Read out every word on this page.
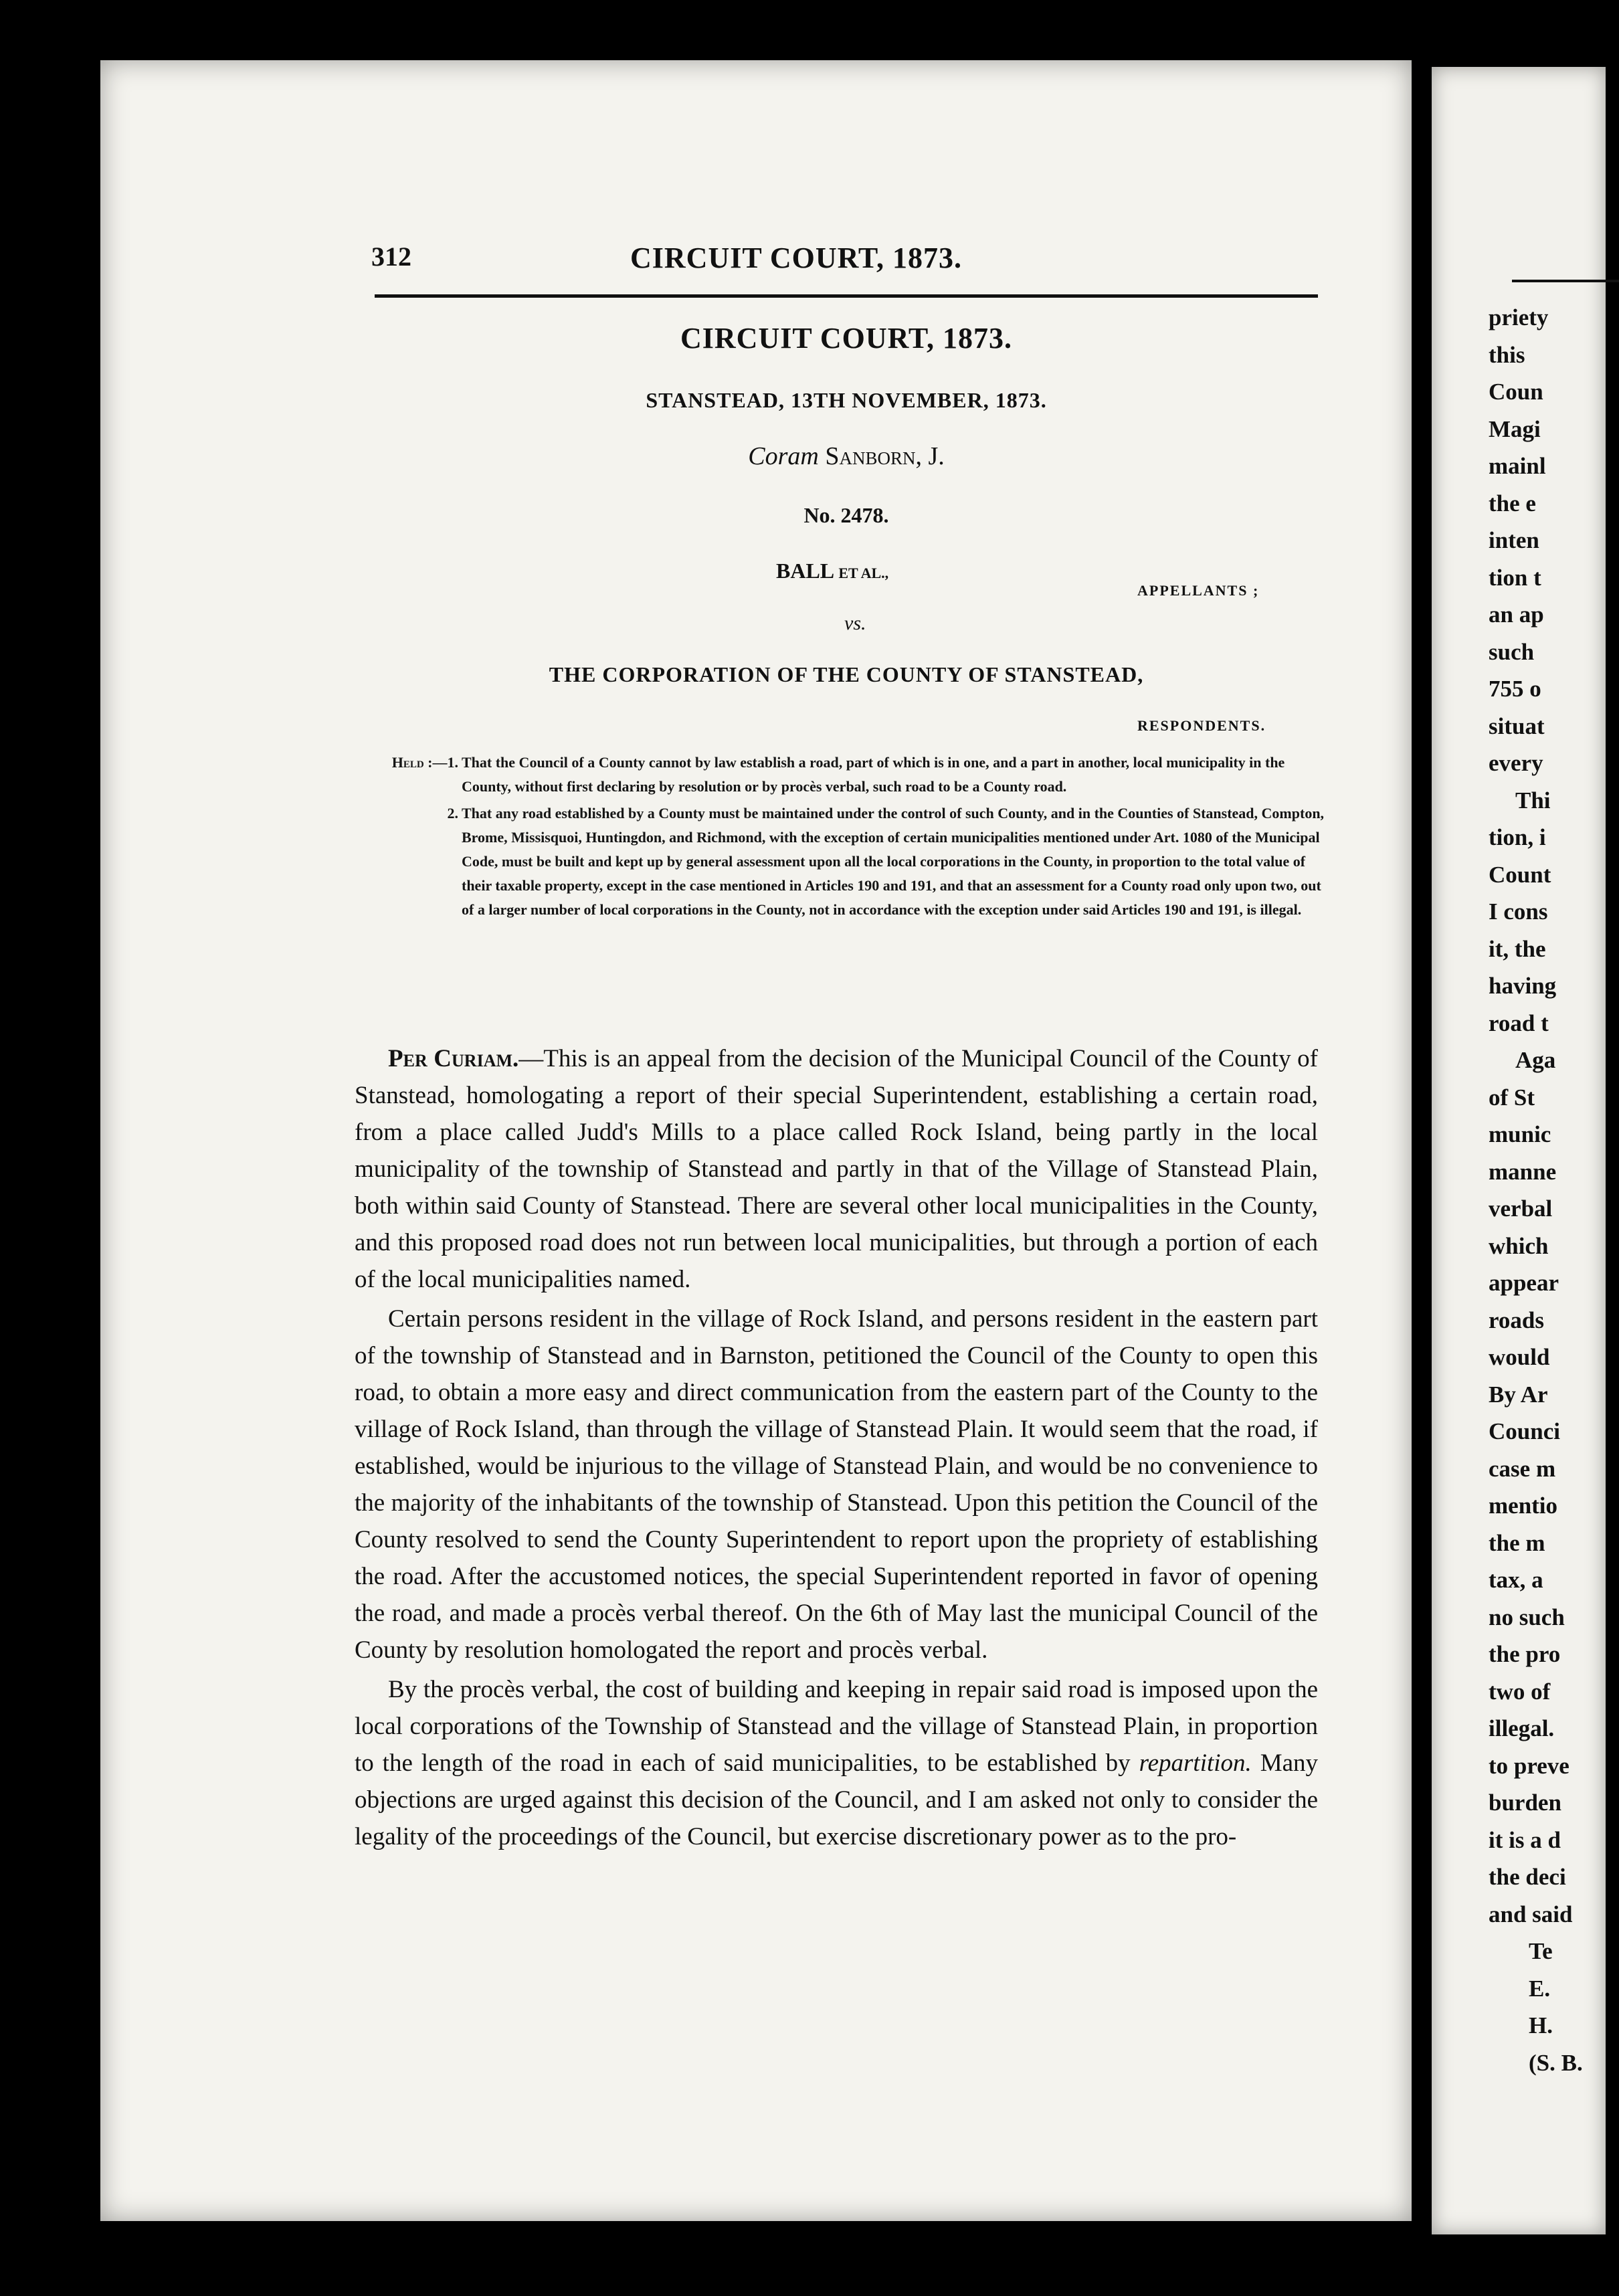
312	CIRCUIT COURT, 1873.
CIRCUIT COURT, 1873.
STANSTEAD, 13TH NOVEMBER, 1873.
Coram Sanborn, J.
No. 2478.
BALL ET AL.,
APPELLANTS ;
vs.
THE CORPORATION OF THE COUNTY OF STANSTEAD,
RESPONDENTS.

Held :—1. That the Council of a County cannot by law establish a road, part of which is in one, and a part in another, local municipality in the County, without first declaring by resolution or by procès verbal, such road to be a County road.

2. That any road established by a County must be maintained under the control of such County, and in the Counties of Stanstead, Compton, Brome, Missisquoi, Huntingdon, and Richmond, with the exception of certain municipalities mentioned under Art. 1080 of the Municipal Code, must be built and kept up by general assessment upon all the local corporations in the County, in proportion to the total value of their taxable property, except in the case mentioned in Articles 190 and 191, and that an assessment for a County road only upon two, out of a larger number of local corporations in the County, not in accordance with the exception under said Articles 190 and 191, is illegal.

Per Curiam.—This is an appeal from the decision of the Municipal Council of the County of Stanstead, homologating a report of their special Superintendent, establishing a certain road, from a place called Judd's Mills to a place called Rock Island, being partly in the local municipality of the township of Stanstead and partly in that of the Village of Stanstead Plain, both within said County of Stanstead. There are several other local municipalities in the County, and this proposed road does not run between local municipalities, but through a portion of each of the local municipalities named.

Certain persons resident in the village of Rock Island, and persons resident in the eastern part of the township of Stanstead and in Barnston, petitioned the Council of the County to open this road, to obtain a more easy and direct communication from the eastern part of the County to the village of Rock Island, than through the village of Stanstead Plain. It would seem that the road, if established, would be injurious to the village of Stanstead Plain, and would be no convenience to the majority of the inhabitants of the township of Stanstead. Upon this petition the Council of the County resolved to send the County Superintendent to report upon the propriety of establishing the road. After the accustomed notices, the special Superintendent reported in favor of opening the road, and made a procès verbal thereof. On the 6th of May last the municipal Council of the County by resolution homologated the report and procès verbal.

By the procès verbal, the cost of building and keeping in repair said road is imposed upon the local corporations of the Township of Stanstead and the village of Stanstead Plain, in proportion to the length of the road in each of said municipalities, to be established by repartition. Many objections are urged against this decision of the Council, and I am asked not only to consider the legality of the proceedings of the Council, but exercise discretionary power as to the pro-

priety
this
Coun
Magi
mainl
the e
inten
tion t
an ap
such
755 o
situat
every
Thi
tion, i
Count
I cons
it, the
having
road t
Aga
of St
munic
manne
verbal
which
appear
roads
would
By Ar
Counci
case m
mentio
the m
tax, a
no such
the pro
two of
illegal.
to preve
burden
it is a d
the deci
and said
Te
E.
H.
(S. B.
